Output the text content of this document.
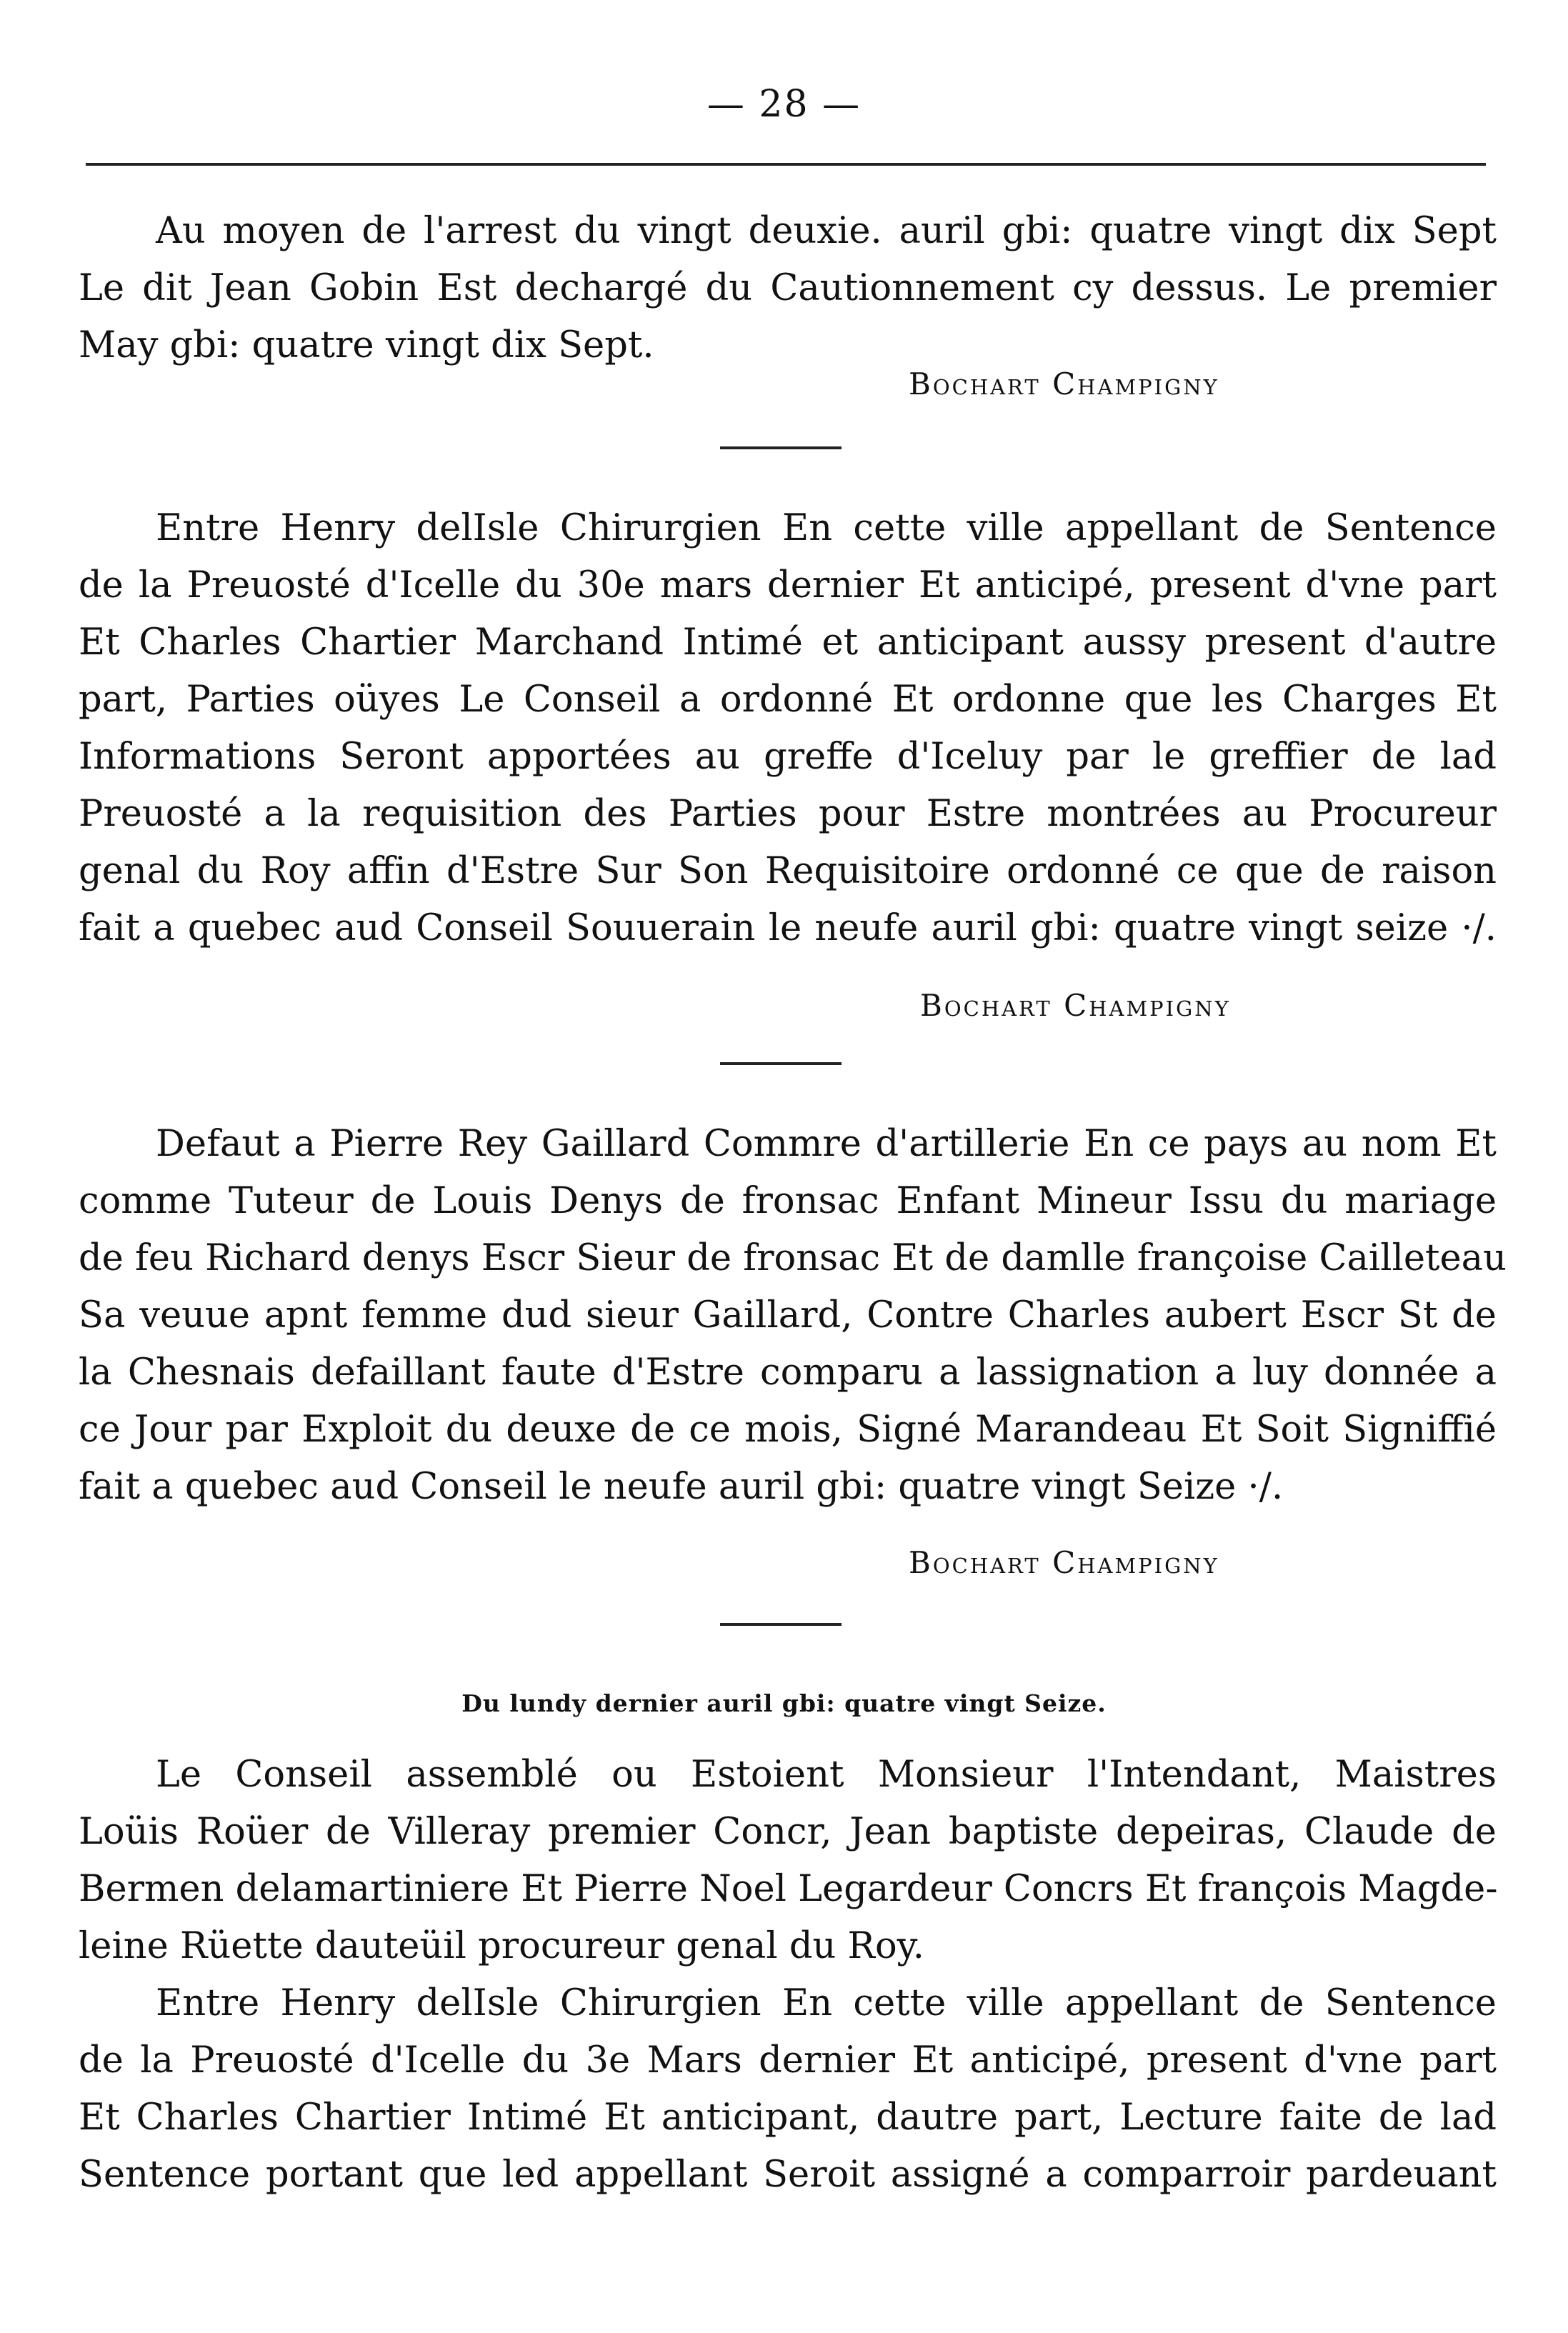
— 28 —
Au moyen de l'arrest du vingt deuxie. auril gbi: quatre vingt dix Sept
Le dit Jean Gobin Est dechargé du Cautionnement cy dessus. Le premier
May gbi: quatre vingt dix Sept.
Bochart Champigny
Entre Henry delIsle Chirurgien En cette ville appellant de Sentence
de la Preuosté d'Icelle du 30e mars dernier Et anticipé, present d'vne part
Et Charles Chartier Marchand Intimé et anticipant aussy present d'autre
part, Parties oüyes Le Conseil a ordonné Et ordonne que les Charges Et
Informations Seront apportées au greffe d'Iceluy par le greffier de lad
Preuosté a la requisition des Parties pour Estre montrées au Procureur
genal du Roy affin d'Estre Sur Son Requisitoire ordonné ce que de raison
fait a quebec aud Conseil Souuerain le neufe auril gbi: quatre vingt seize ·/.
Bochart Champigny
Defaut a Pierre Rey Gaillard Commre d'artillerie En ce pays au nom Et
comme Tuteur de Louis Denys de fronsac Enfant Mineur Issu du mariage
de feu Richard denys Escr Sieur de fronsac Et de damlle françoise Cailleteau
Sa veuue apnt femme dud sieur Gaillard, Contre Charles aubert Escr St de
la Chesnais defaillant faute d'Estre comparu a lassignation a luy donnée a
ce Jour par Exploit du deuxe de ce mois, Signé Marandeau Et Soit Signiffié
fait a quebec aud Conseil le neufe auril gbi: quatre vingt Seize ·/.
Bochart Champigny
Du lundy dernier auril gbi: quatre vingt Seize.
Le Conseil assemblé ou Estoient Monsieur l'Intendant, Maistres
Loüis Roüer de Villeray premier Concr, Jean baptiste depeiras, Claude de
Bermen delamartiniere Et Pierre Noel Legardeur Concrs Et françois Magde-
leine Rüette dauteüil procureur genal du Roy.
Entre Henry delIsle Chirurgien En cette ville appellant de Sentence
de la Preuosté d'Icelle du 3e Mars dernier Et anticipé, present d'vne part
Et Charles Chartier Intimé Et anticipant, dautre part, Lecture faite de lad
Sentence portant que led appellant Seroit assigné a comparroir pardeuant
